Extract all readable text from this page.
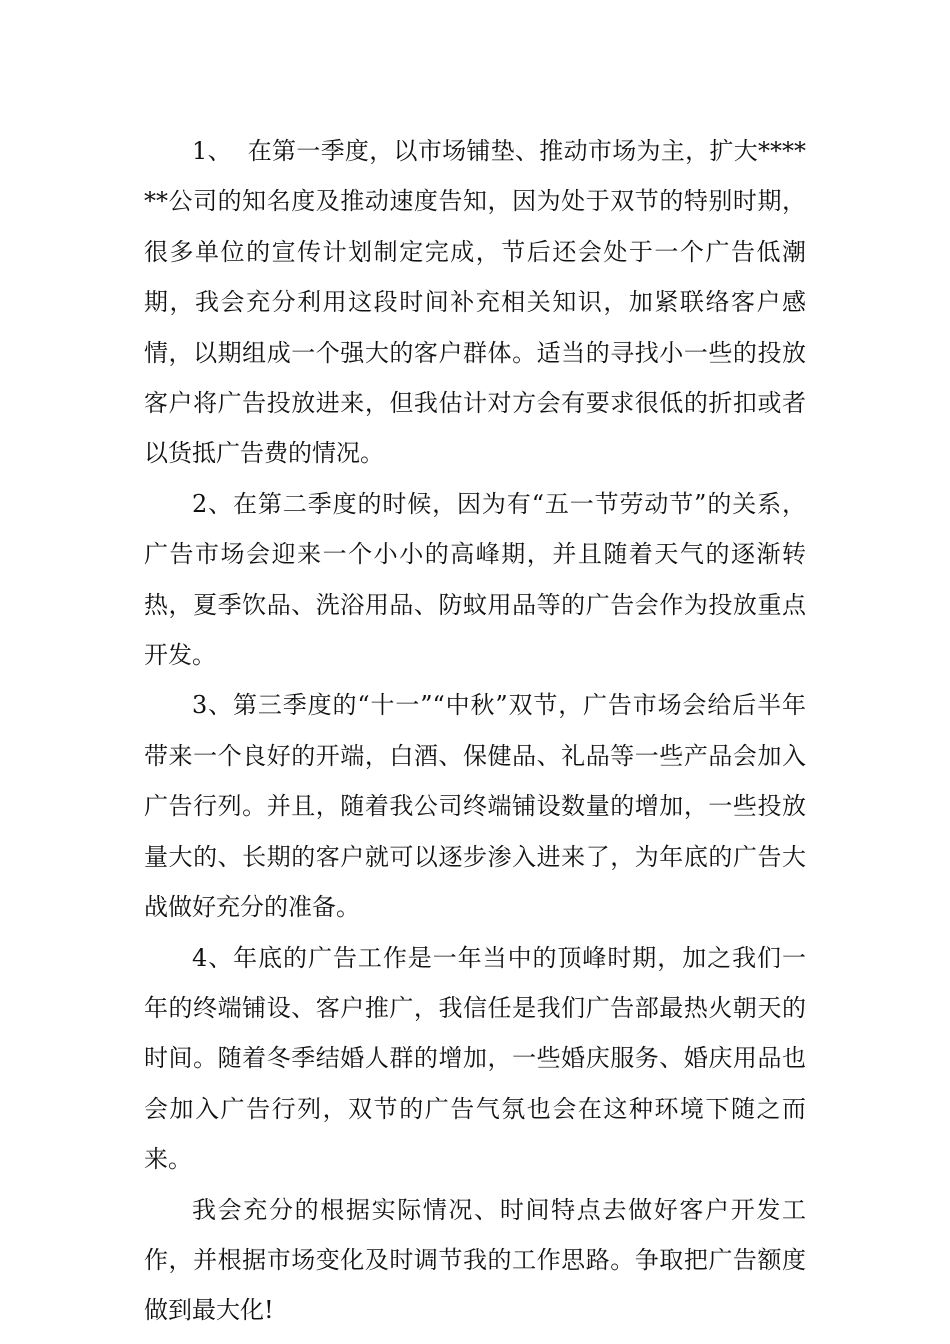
1、  在第一季度，以市场铺垫、推动市场为主，扩大******公司的知名度及推动速度告知，因为处于双节的特别时期，很多单位的宣传计划制定完成，节后还会处于一个广告低潮期，我会充分利用这段时间补充相关知识，加紧联络客户感情，以期组成一个强大的客户群体。适当的寻找小一些的投放客户将广告投放进来，但我估计对方会有要求很低的折扣或者以货抵广告费的情况。

2、在第二季度的时候，因为有“五一节劳动节”的关系，广告市场会迎来一个小小的高峰期，并且随着天气的逐渐转热，夏季饮品、洗浴用品、防蚊用品等的广告会作为投放重点开发。

3、第三季度的“十一”“中秋”双节，广告市场会给后半年带来一个良好的开端，白酒、保健品、礼品等一些产品会加入广告行列。并且，随着我公司终端铺设数量的增加，一些投放量大的、长期的客户就可以逐步渗入进来了，为年底的广告大战做好充分的准备。

4、年底的广告工作是一年当中的顶峰时期，加之我们一年的终端铺设、客户推广，我信任是我们广告部最热火朝天的时间。随着冬季结婚人群的增加，一些婚庆服务、婚庆用品也会加入广告行列，双节的广告气氛也会在这种环境下随之而来。

我会充分的根据实际情况、时间特点去做好客户开发工作，并根据市场变化及时调节我的工作思路。争取把广告额度做到最大化!
